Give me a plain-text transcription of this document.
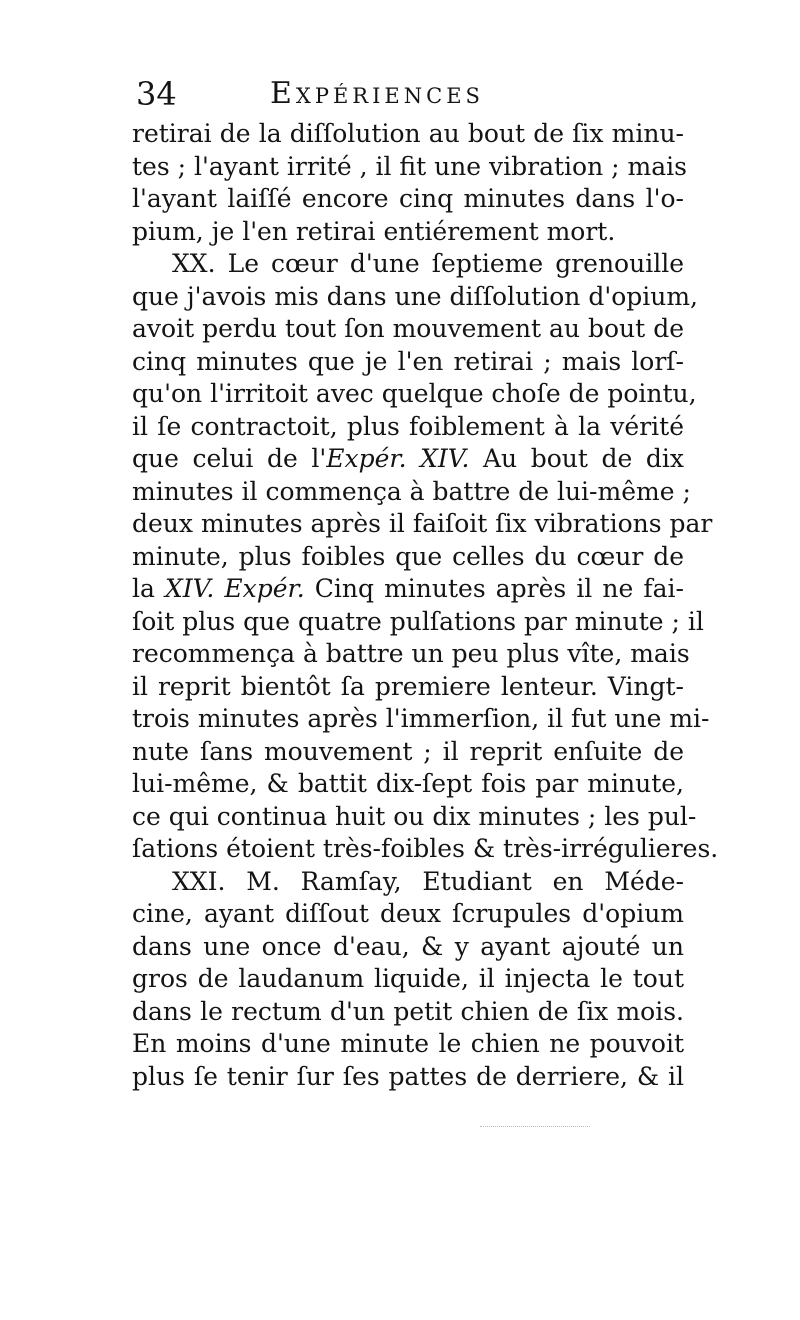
34	Expériences
retirai de la diſſolution au bout de ſix minu-
tes ; l'ayant irrité , il fit une vibration ; mais
l'ayant laiſſé encore cinq minutes dans l'o-
pium, je l'en retirai entiérement mort.
XX. Le cœur d'une ſeptieme grenouille
que j'avois mis dans une diſſolution d'opium,
avoit perdu tout ſon mouvement au bout de
cinq minutes que je l'en retirai ; mais lorſ-
qu'on l'irritoit avec quelque choſe de pointu,
il ſe contractoit, plus foiblement à la vérité
que celui de l'Expér. XIV. Au bout de dix
minutes il commença à battre de lui-même ;
deux minutes après il faiſoit ſix vibrations par
minute, plus foibles que celles du cœur de
la XIV. Expér. Cinq minutes après il ne fai-
ſoit plus que quatre pulſations par minute ; il
recommença à battre un peu plus vîte, mais
il reprit bientôt ſa premiere lenteur. Vingt-
trois minutes après l'immerſion, il fut une mi-
nute ſans mouvement ; il reprit enſuite de
lui-même, & battit dix-ſept fois par minute,
ce qui continua huit ou dix minutes ; les pul-
ſations étoient très-foibles & très-irrégulieres.
XXI. M. Ramſay, Etudiant en Méde-
cine, ayant diſſout deux ſcrupules d'opium
dans une once d'eau, & y ayant ajouté un
gros de laudanum liquide, il injecta le tout
dans le rectum d'un petit chien de ſix mois.
En moins d'une minute le chien ne pouvoit
plus ſe tenir ſur ſes pattes de derriere, & il
